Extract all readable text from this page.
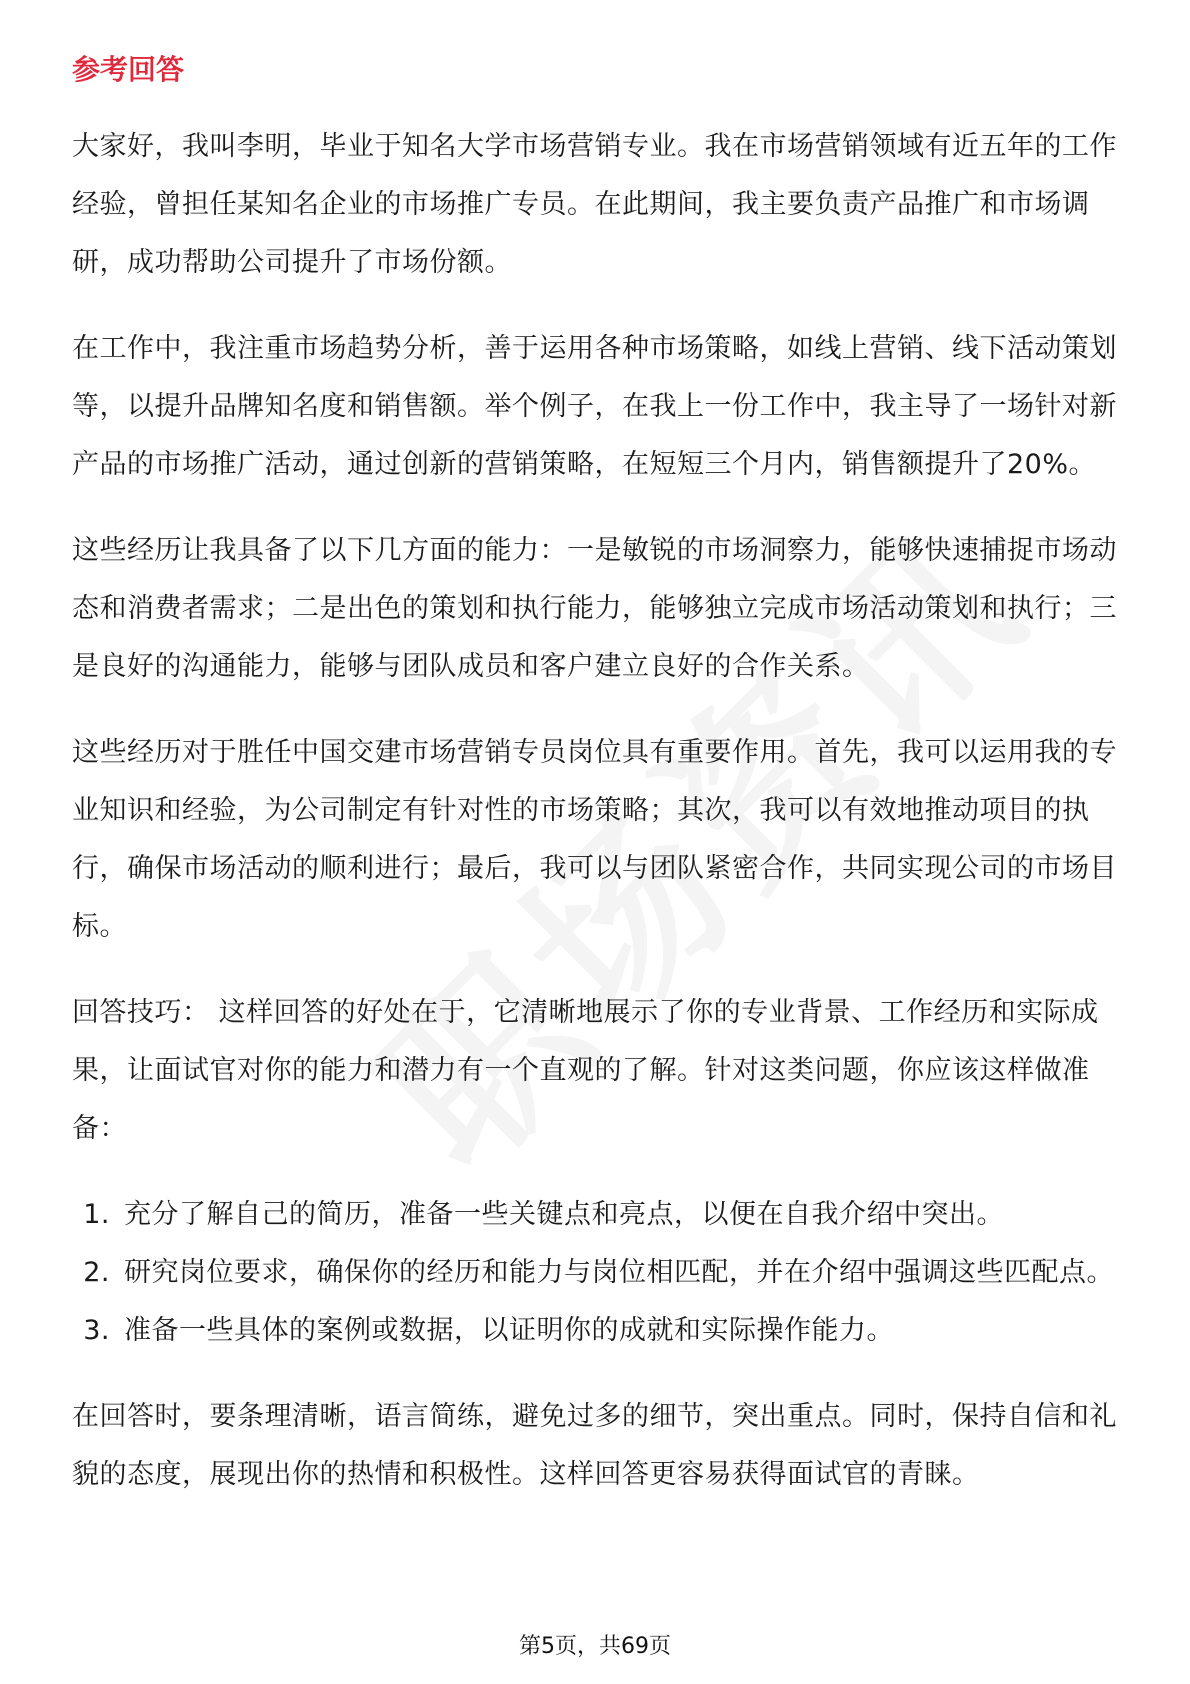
参考回答

大家好，我叫李明，毕业于知名大学市场营销专业。我在市场营销领域有近五年的工作经验，曾担任某知名企业的市场推广专员。在此期间，我主要负责产品推广和市场调研，成功帮助公司提升了市场份额。

在工作中，我注重市场趋势分析，善于运用各种市场策略，如线上营销、线下活动策划等，以提升品牌知名度和销售额。举个例子，在我上一份工作中，我主导了一场针对新产品的市场推广活动，通过创新的营销策略，在短短三个月内，销售额提升了20%。

这些经历让我具备了以下几方面的能力：一是敏锐的市场洞察力，能够快速捕捉市场动态和消费者需求；二是出色的策划和执行能力，能够独立完成市场活动策划和执行；三是良好的沟通能力，能够与团队成员和客户建立良好的合作关系。

这些经历对于胜任中国交建市场营销专员岗位具有重要作用。首先，我可以运用我的专业知识和经验，为公司制定有针对性的市场策略；其次，我可以有效地推动项目的执行，确保市场活动的顺利进行；最后，我可以与团队紧密合作，共同实现公司的市场目标。

回答技巧： 这样回答的好处在于，它清晰地展示了你的专业背景、工作经历和实际成果，让面试官对你的能力和潜力有一个直观的了解。针对这类问题，你应该这样做准备：

1. 充分了解自己的简历，准备一些关键点和亮点，以便在自我介绍中突出。
2. 研究岗位要求，确保你的经历和能力与岗位相匹配，并在介绍中强调这些匹配点。
3. 准备一些具体的案例或数据，以证明你的成就和实际操作能力。

在回答时，要条理清晰，语言简练，避免过多的细节，突出重点。同时，保持自信和礼貌的态度，展现出你的热情和积极性。这样回答更容易获得面试官的青睐。

第5页，共69页
